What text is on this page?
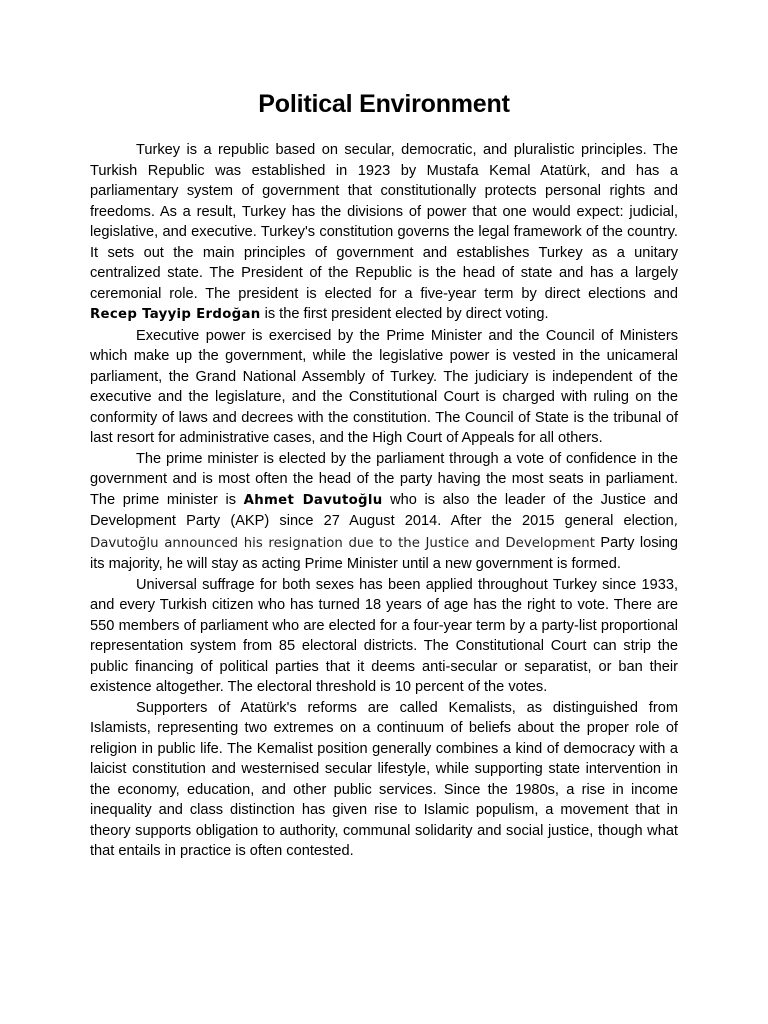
Political Environment

Turkey is a republic based on secular, democratic, and pluralistic principles. The Turkish Republic was established in 1923 by Mustafa Kemal Atatürk, and has a parliamentary system of government that constitutionally protects personal rights and freedoms. As a result, Turkey has the divisions of power that one would expect: judicial, legislative, and executive. Turkey's constitution governs the legal framework of the country. It sets out the main principles of government and establishes Turkey as a unitary centralized state. The President of the Republic is the head of state and has a largely ceremonial role. The president is elected for a five-year term by direct elections and Recep Tayyip Erdoğan is the first president elected by direct voting.

Executive power is exercised by the Prime Minister and the Council of Ministers which make up the government, while the legislative power is vested in the unicameral parliament, the Grand National Assembly of Turkey. The judiciary is independent of the executive and the legislature, and the Constitutional Court is charged with ruling on the conformity of laws and decrees with the constitution. The Council of State is the tribunal of last resort for administrative cases, and the High Court of Appeals for all others.

The prime minister is elected by the parliament through a vote of confidence in the government and is most often the head of the party having the most seats in parliament. The prime minister is Ahmet Davutoğlu who is also the leader of the Justice and Development Party (AKP) since 27 August 2014. After the 2015 general election, Davutoğlu announced his resignation due to the Justice and Development Party losing its majority, he will stay as acting Prime Minister until a new government is formed.

Universal suffrage for both sexes has been applied throughout Turkey since 1933, and every Turkish citizen who has turned 18 years of age has the right to vote. There are 550 members of parliament who are elected for a four-year term by a party-list proportional representation system from 85 electoral districts. The Constitutional Court can strip the public financing of political parties that it deems anti-secular or separatist, or ban their existence altogether. The electoral threshold is 10 percent of the votes.

Supporters of Atatürk's reforms are called Kemalists, as distinguished from Islamists, representing two extremes on a continuum of beliefs about the proper role of religion in public life. The Kemalist position generally combines a kind of democracy with a laicist constitution and westernised secular lifestyle, while supporting state intervention in the economy, education, and other public services. Since the 1980s, a rise in income inequality and class distinction has given rise to Islamic populism, a movement that in theory supports obligation to authority, communal solidarity and social justice, though what that entails in practice is often contested.
